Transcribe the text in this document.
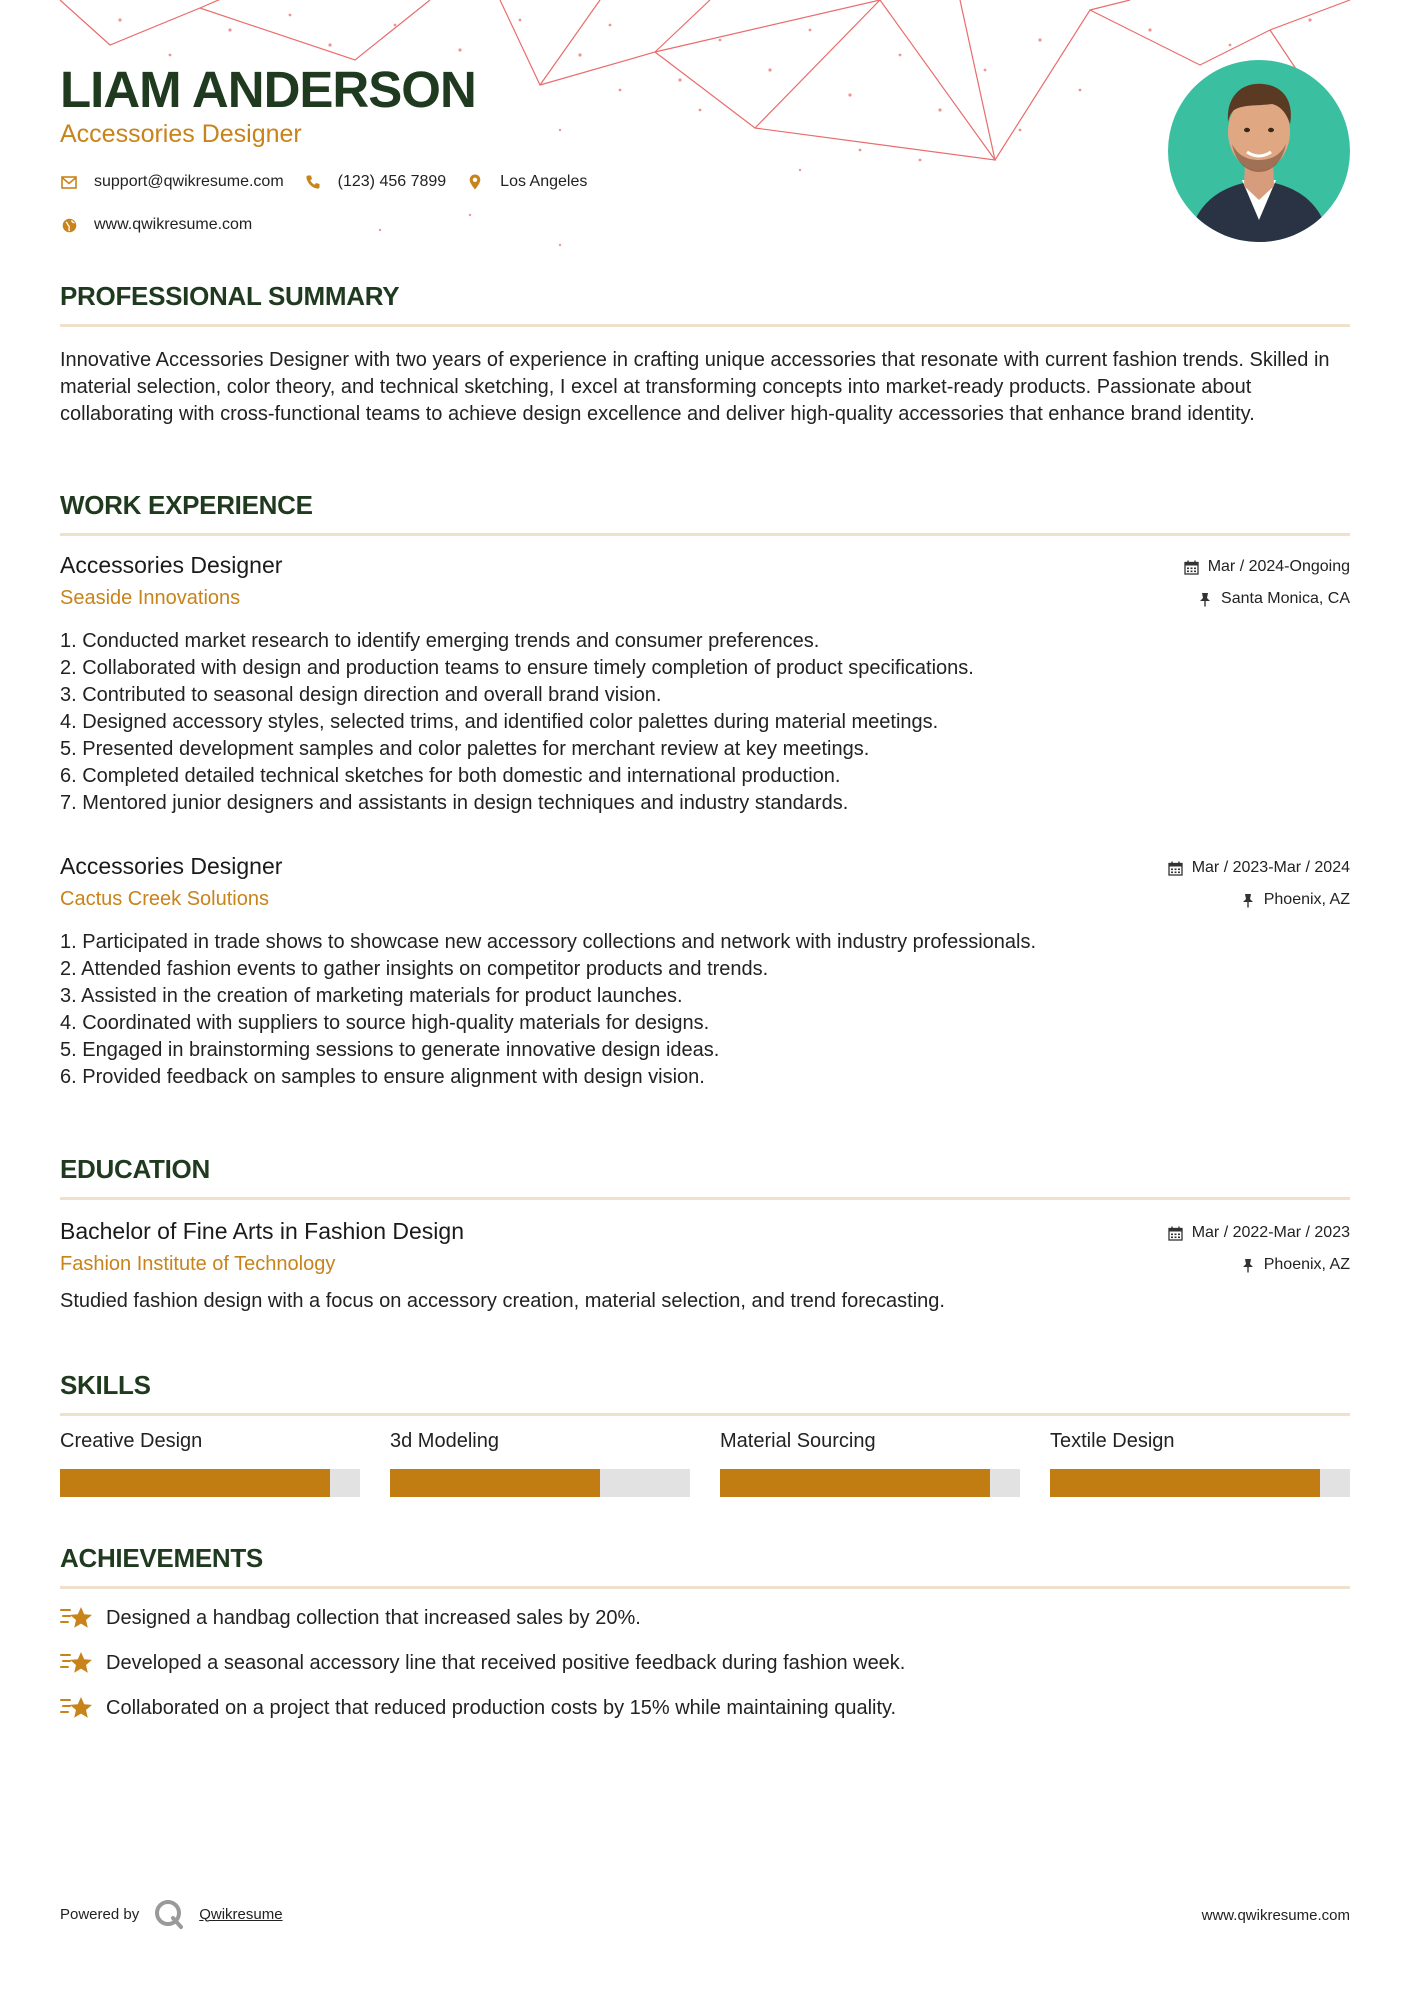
LIAM ANDERSON
Accessories Designer
support@qwikresume.com	(123) 456 7899	Los Angeles
www.qwikresume.com
PROFESSIONAL SUMMARY
Innovative Accessories Designer with two years of experience in crafting unique accessories that resonate with current fashion trends. Skilled in material selection, color theory, and technical sketching, I excel at transforming concepts into market-ready products. Passionate about collaborating with cross-functional teams to achieve design excellence and deliver high-quality accessories that enhance brand identity.
WORK EXPERIENCE
Accessories Designer
Seaside Innovations
Mar / 2024-Ongoing
Santa Monica, CA
1. Conducted market research to identify emerging trends and consumer preferences.
2. Collaborated with design and production teams to ensure timely completion of product specifications.
3. Contributed to seasonal design direction and overall brand vision.
4. Designed accessory styles, selected trims, and identified color palettes during material meetings.
5. Presented development samples and color palettes for merchant review at key meetings.
6. Completed detailed technical sketches for both domestic and international production.
7. Mentored junior designers and assistants in design techniques and industry standards.
Accessories Designer
Cactus Creek Solutions
Mar / 2023-Mar / 2024
Phoenix, AZ
1. Participated in trade shows to showcase new accessory collections and network with industry professionals.
2. Attended fashion events to gather insights on competitor products and trends.
3. Assisted in the creation of marketing materials for product launches.
4. Coordinated with suppliers to source high-quality materials for designs.
5. Engaged in brainstorming sessions to generate innovative design ideas.
6. Provided feedback on samples to ensure alignment with design vision.
EDUCATION
Bachelor of Fine Arts in Fashion Design
Fashion Institute of Technology
Mar / 2022-Mar / 2023
Phoenix, AZ
Studied fashion design with a focus on accessory creation, material selection, and trend forecasting.
SKILLS
Creative Design	3d Modeling	Material Sourcing	Textile Design
ACHIEVEMENTS
Designed a handbag collection that increased sales by 20%.
Developed a seasonal accessory line that received positive feedback during fashion week.
Collaborated on a project that reduced production costs by 15% while maintaining quality.
Powered by	Qwikresume	www.qwikresume.com
